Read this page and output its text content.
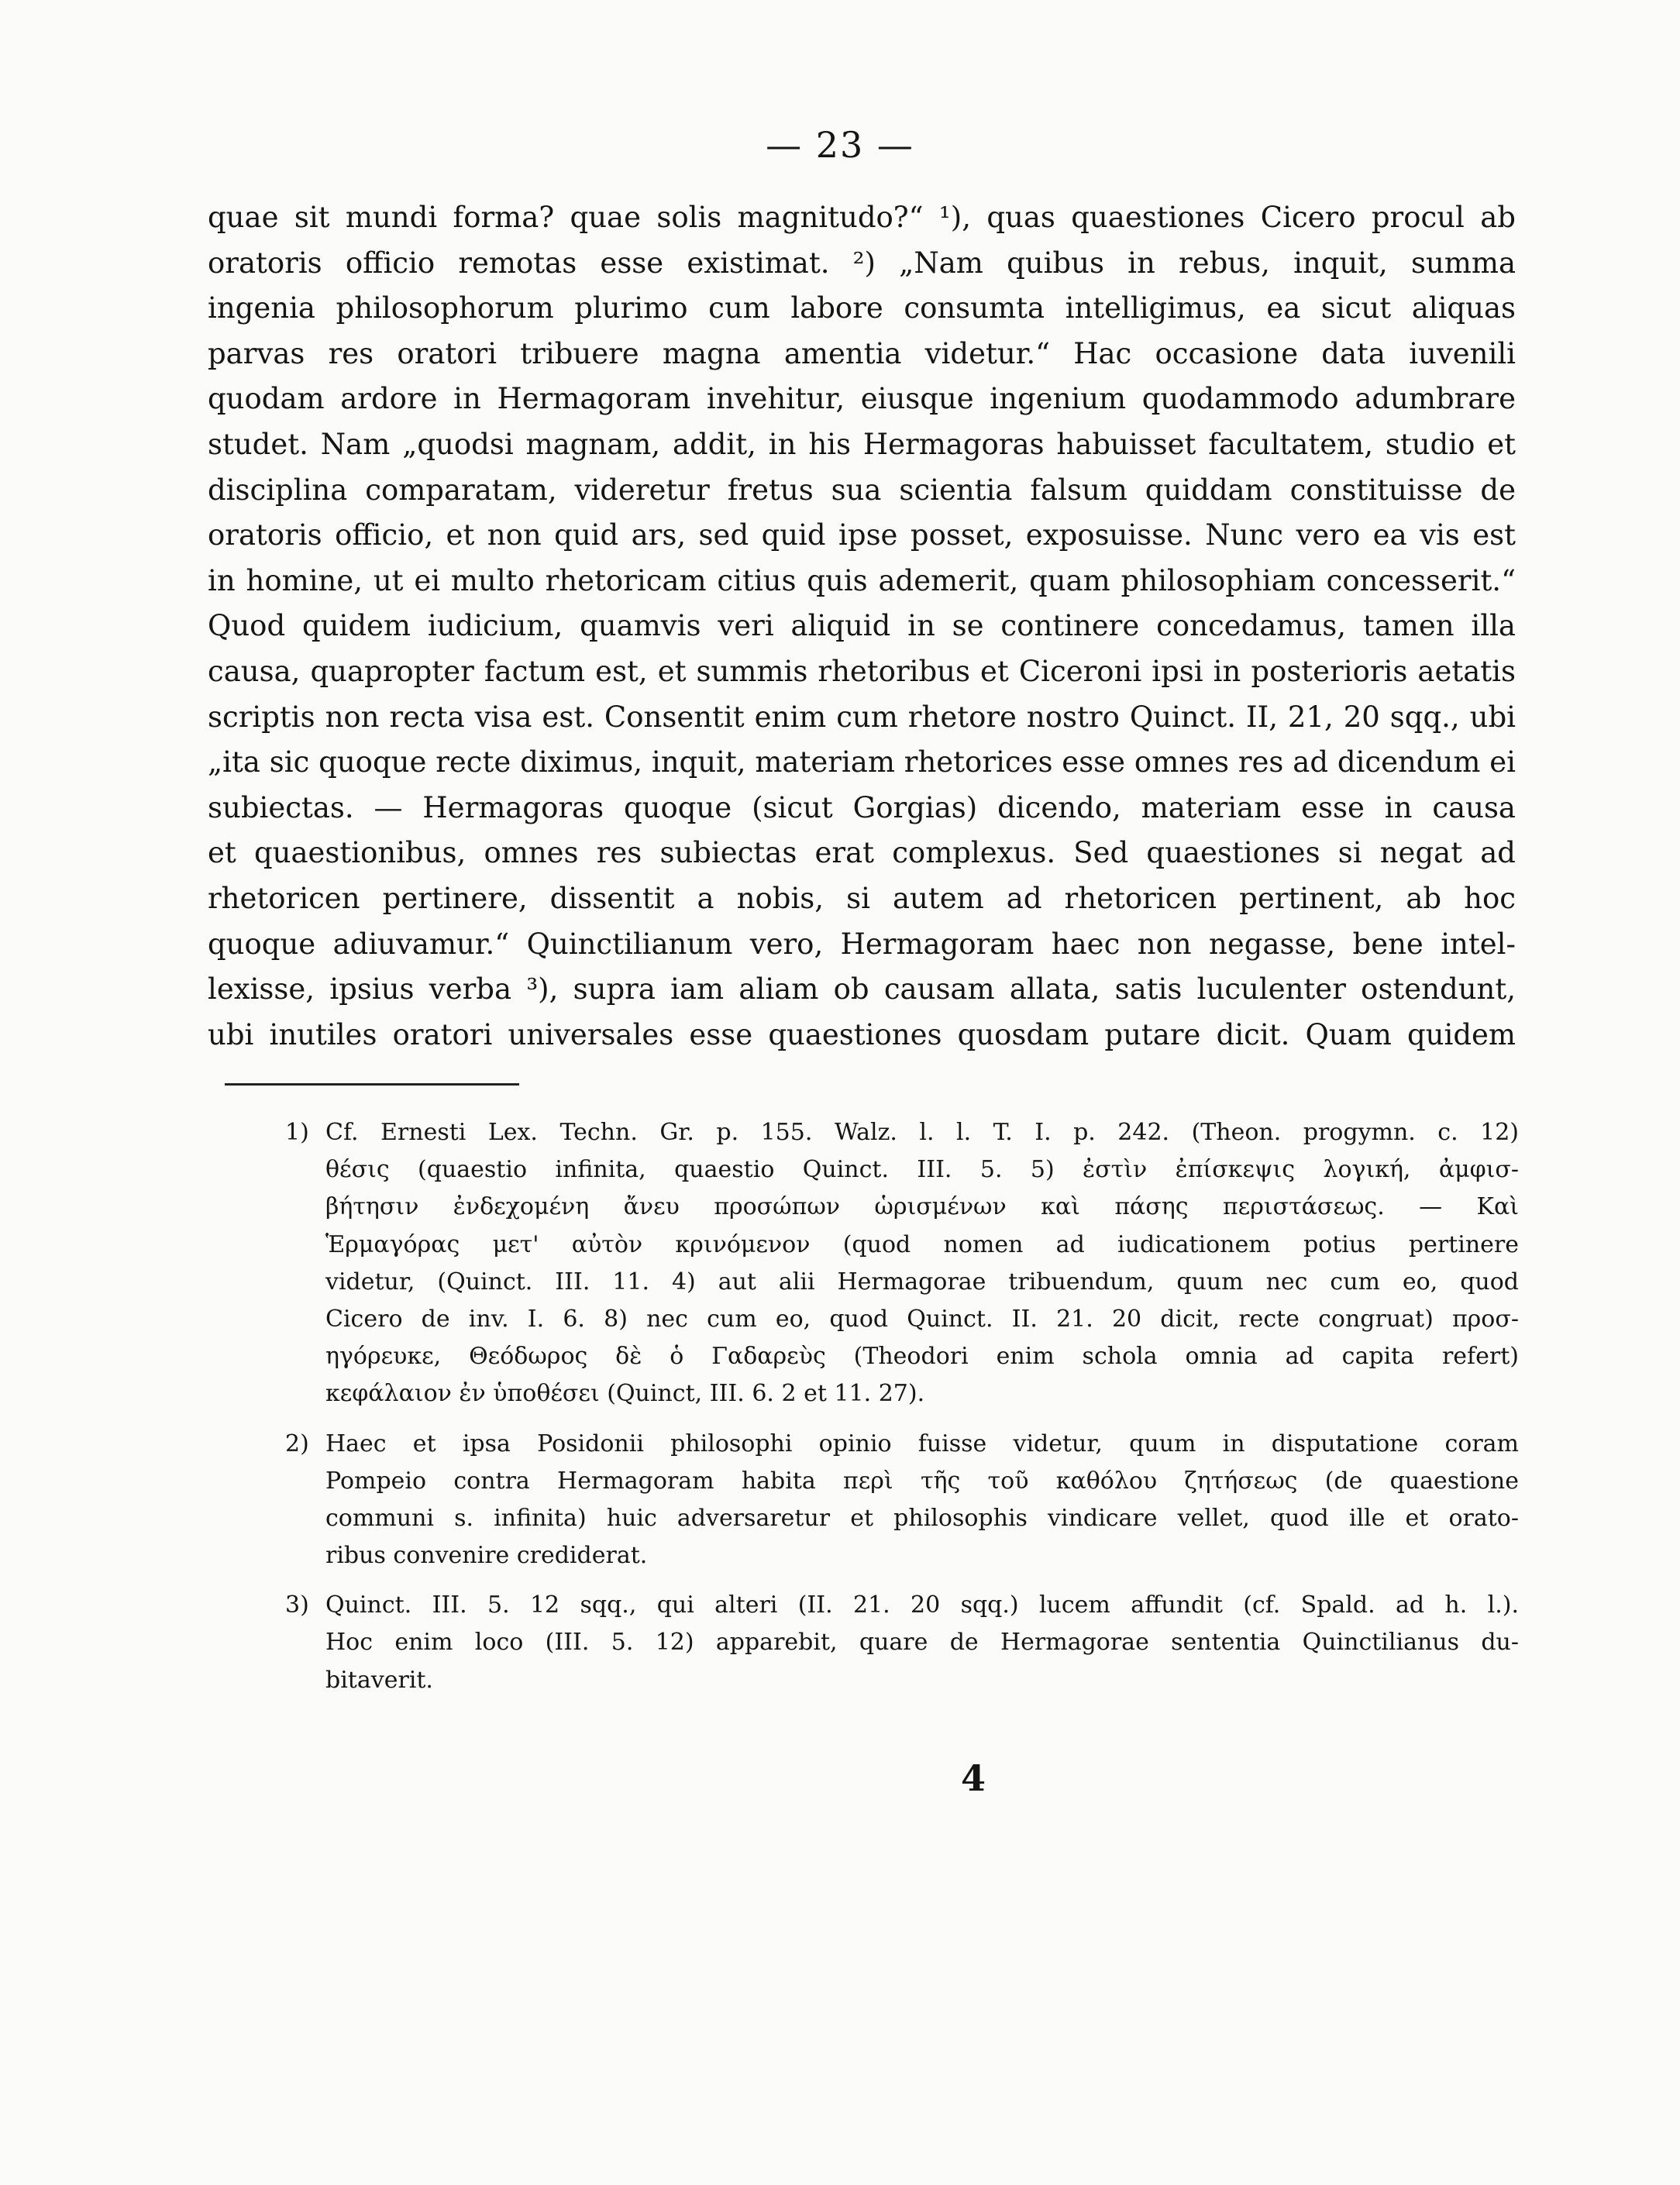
— 23 —
quae sit mundi forma? quae solis magnitudo?“ ¹), quas quaestiones Cicero procul ab
oratoris officio remotas esse existimat. ²) „Nam quibus in rebus, inquit, summa
ingenia philosophorum plurimo cum labore consumta intelligimus, ea sicut aliquas
parvas res oratori tribuere magna amentia videtur.“ Hac occasione data iuvenili
quodam ardore in Hermagoram invehitur, eiusque ingenium quodammodo adumbrare
studet. Nam „quodsi magnam, addit, in his Hermagoras habuisset facultatem, studio et
disciplina comparatam, videretur fretus sua scientia falsum quiddam constituisse de
oratoris officio, et non quid ars, sed quid ipse posset, exposuisse. Nunc vero ea vis est
in homine, ut ei multo rhetoricam citius quis ademerit, quam philosophiam concesserit.“
Quod quidem iudicium, quamvis veri aliquid in se continere concedamus, tamen illa
causa, quapropter factum est, et summis rhetoribus et Ciceroni ipsi in posterioris aetatis
scriptis non recta visa est. Consentit enim cum rhetore nostro Quinct. II, 21, 20 sqq., ubi
„ita sic quoque recte diximus, inquit, materiam rhetorices esse omnes res ad dicendum ei
subiectas. — Hermagoras quoque (sicut Gorgias) dicendo, materiam esse in causa
et quaestionibus, omnes res subiectas erat complexus. Sed quaestiones si negat ad
rhetoricen pertinere, dissentit a nobis, si autem ad rhetoricen pertinent, ab hoc
quoque adiuvamur.“ Quinctilianum vero, Hermagoram haec non negasse, bene intel-
lexisse, ipsius verba ³), supra iam aliam ob causam allata, satis luculenter ostendunt,
ubi inutiles oratori universales esse quaestiones quosdam putare dicit. Quam quidem
1) Cf. Ernesti Lex. Techn. Gr. p. 155. Walz. l. l. T. I. p. 242. (Theon. progymn. c. 12)
θέσις (quaestio infinita, quaestio Quinct. III. 5. 5) ἐστὶν ἐπίσκεψις λογική, ἀμφισ-
βήτησιν ἐνδεχομένη ἄνευ προσώπων ὡρισμένων καὶ πάσης περιστάσεως. — Καὶ
Ἑρμαγόρας μετ' αὐτὸν κρινόμενον (quod nomen ad iudicationem potius pertinere
videtur, (Quinct. III. 11. 4) aut alii Hermagorae tribuendum, quum nec cum eo, quod
Cicero de inv. I. 6. 8) nec cum eo, quod Quinct. II. 21. 20 dicit, recte congruat) προσ-
ηγόρευκε, Θεόδωρος δὲ ὁ Γαδαρεὺς (Theodori enim schola omnia ad capita refert)
κεφάλαιον ἐν ὑποθέσει (Quinct, III. 6. 2 et 11. 27).
2) Haec et ipsa Posidonii philosophi opinio fuisse videtur, quum in disputatione coram
Pompeio contra Hermagoram habita περὶ τῆς τοῦ καθόλου ζητήσεως (de quaestione
communi s. infinita) huic adversaretur et philosophis vindicare vellet, quod ille et orato-
ribus convenire crediderat.
3) Quinct. III. 5. 12 sqq., qui alteri (II. 21. 20 sqq.) lucem affundit (cf. Spald. ad h. l.).
Hoc enim loco (III. 5. 12) apparebit, quare de Hermagorae sententia Quinctilianus du-
bitaverit.
4
